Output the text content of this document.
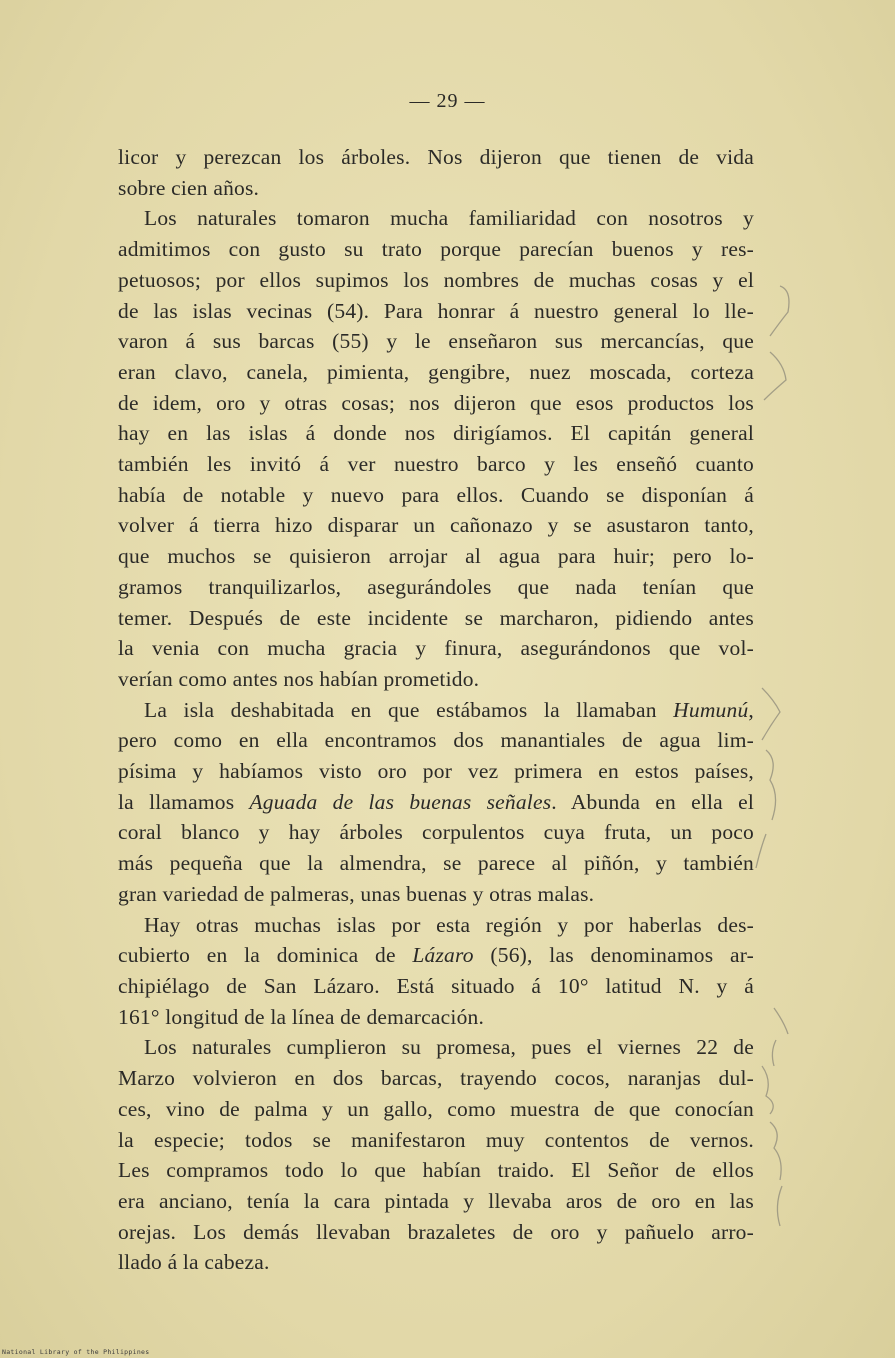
— 29 —
licor y perezcan los árboles. Nos dijeron que tienen de vida
sobre cien años.
Los naturales tomaron mucha familiaridad con nosotros y
admitimos con gusto su trato porque parecían buenos y res-
petuosos; por ellos supimos los nombres de muchas cosas y el
de las islas vecinas (54). Para honrar á nuestro general lo lle-
varon á sus barcas (55) y le enseñaron sus mercancías, que
eran clavo, canela, pimienta, gengibre, nuez moscada, corteza
de idem, oro y otras cosas; nos dijeron que esos productos los
hay en las islas á donde nos dirigíamos. El capitán general
también les invitó á ver nuestro barco y les enseñó cuanto
había de notable y nuevo para ellos. Cuando se disponían á
volver á tierra hizo disparar un cañonazo y se asustaron tanto,
que muchos se quisieron arrojar al agua para huir; pero lo-
gramos tranquilizarlos, asegurándoles que nada tenían que
temer. Después de este incidente se marcharon, pidiendo antes
la venia con mucha gracia y finura, asegurándonos que vol-
verían como antes nos habían prometido.
La isla deshabitada en que estábamos la llamaban Humunú,
pero como en ella encontramos dos manantiales de agua lim-
písima y habíamos visto oro por vez primera en estos países,
la llamamos Aguada de las buenas señales. Abunda en ella el
coral blanco y hay árboles corpulentos cuya fruta, un poco
más pequeña que la almendra, se parece al piñón, y también
gran variedad de palmeras, unas buenas y otras malas.
Hay otras muchas islas por esta región y por haberlas des-
cubierto en la dominica de Lázaro (56), las denominamos ar-
chipiélago de San Lázaro. Está situado á 10° latitud N. y á
161° longitud de la línea de demarcación.
Los naturales cumplieron su promesa, pues el viernes 22 de
Marzo volvieron en dos barcas, trayendo cocos, naranjas dul-
ces, vino de palma y un gallo, como muestra de que conocían
la especie; todos se manifestaron muy contentos de vernos.
Les compramos todo lo que habían traido. El Señor de ellos
era anciano, tenía la cara pintada y llevaba aros de oro en las
orejas. Los demás llevaban brazaletes de oro y pañuelo arro-
llado á la cabeza.
National Library of the Philippines
